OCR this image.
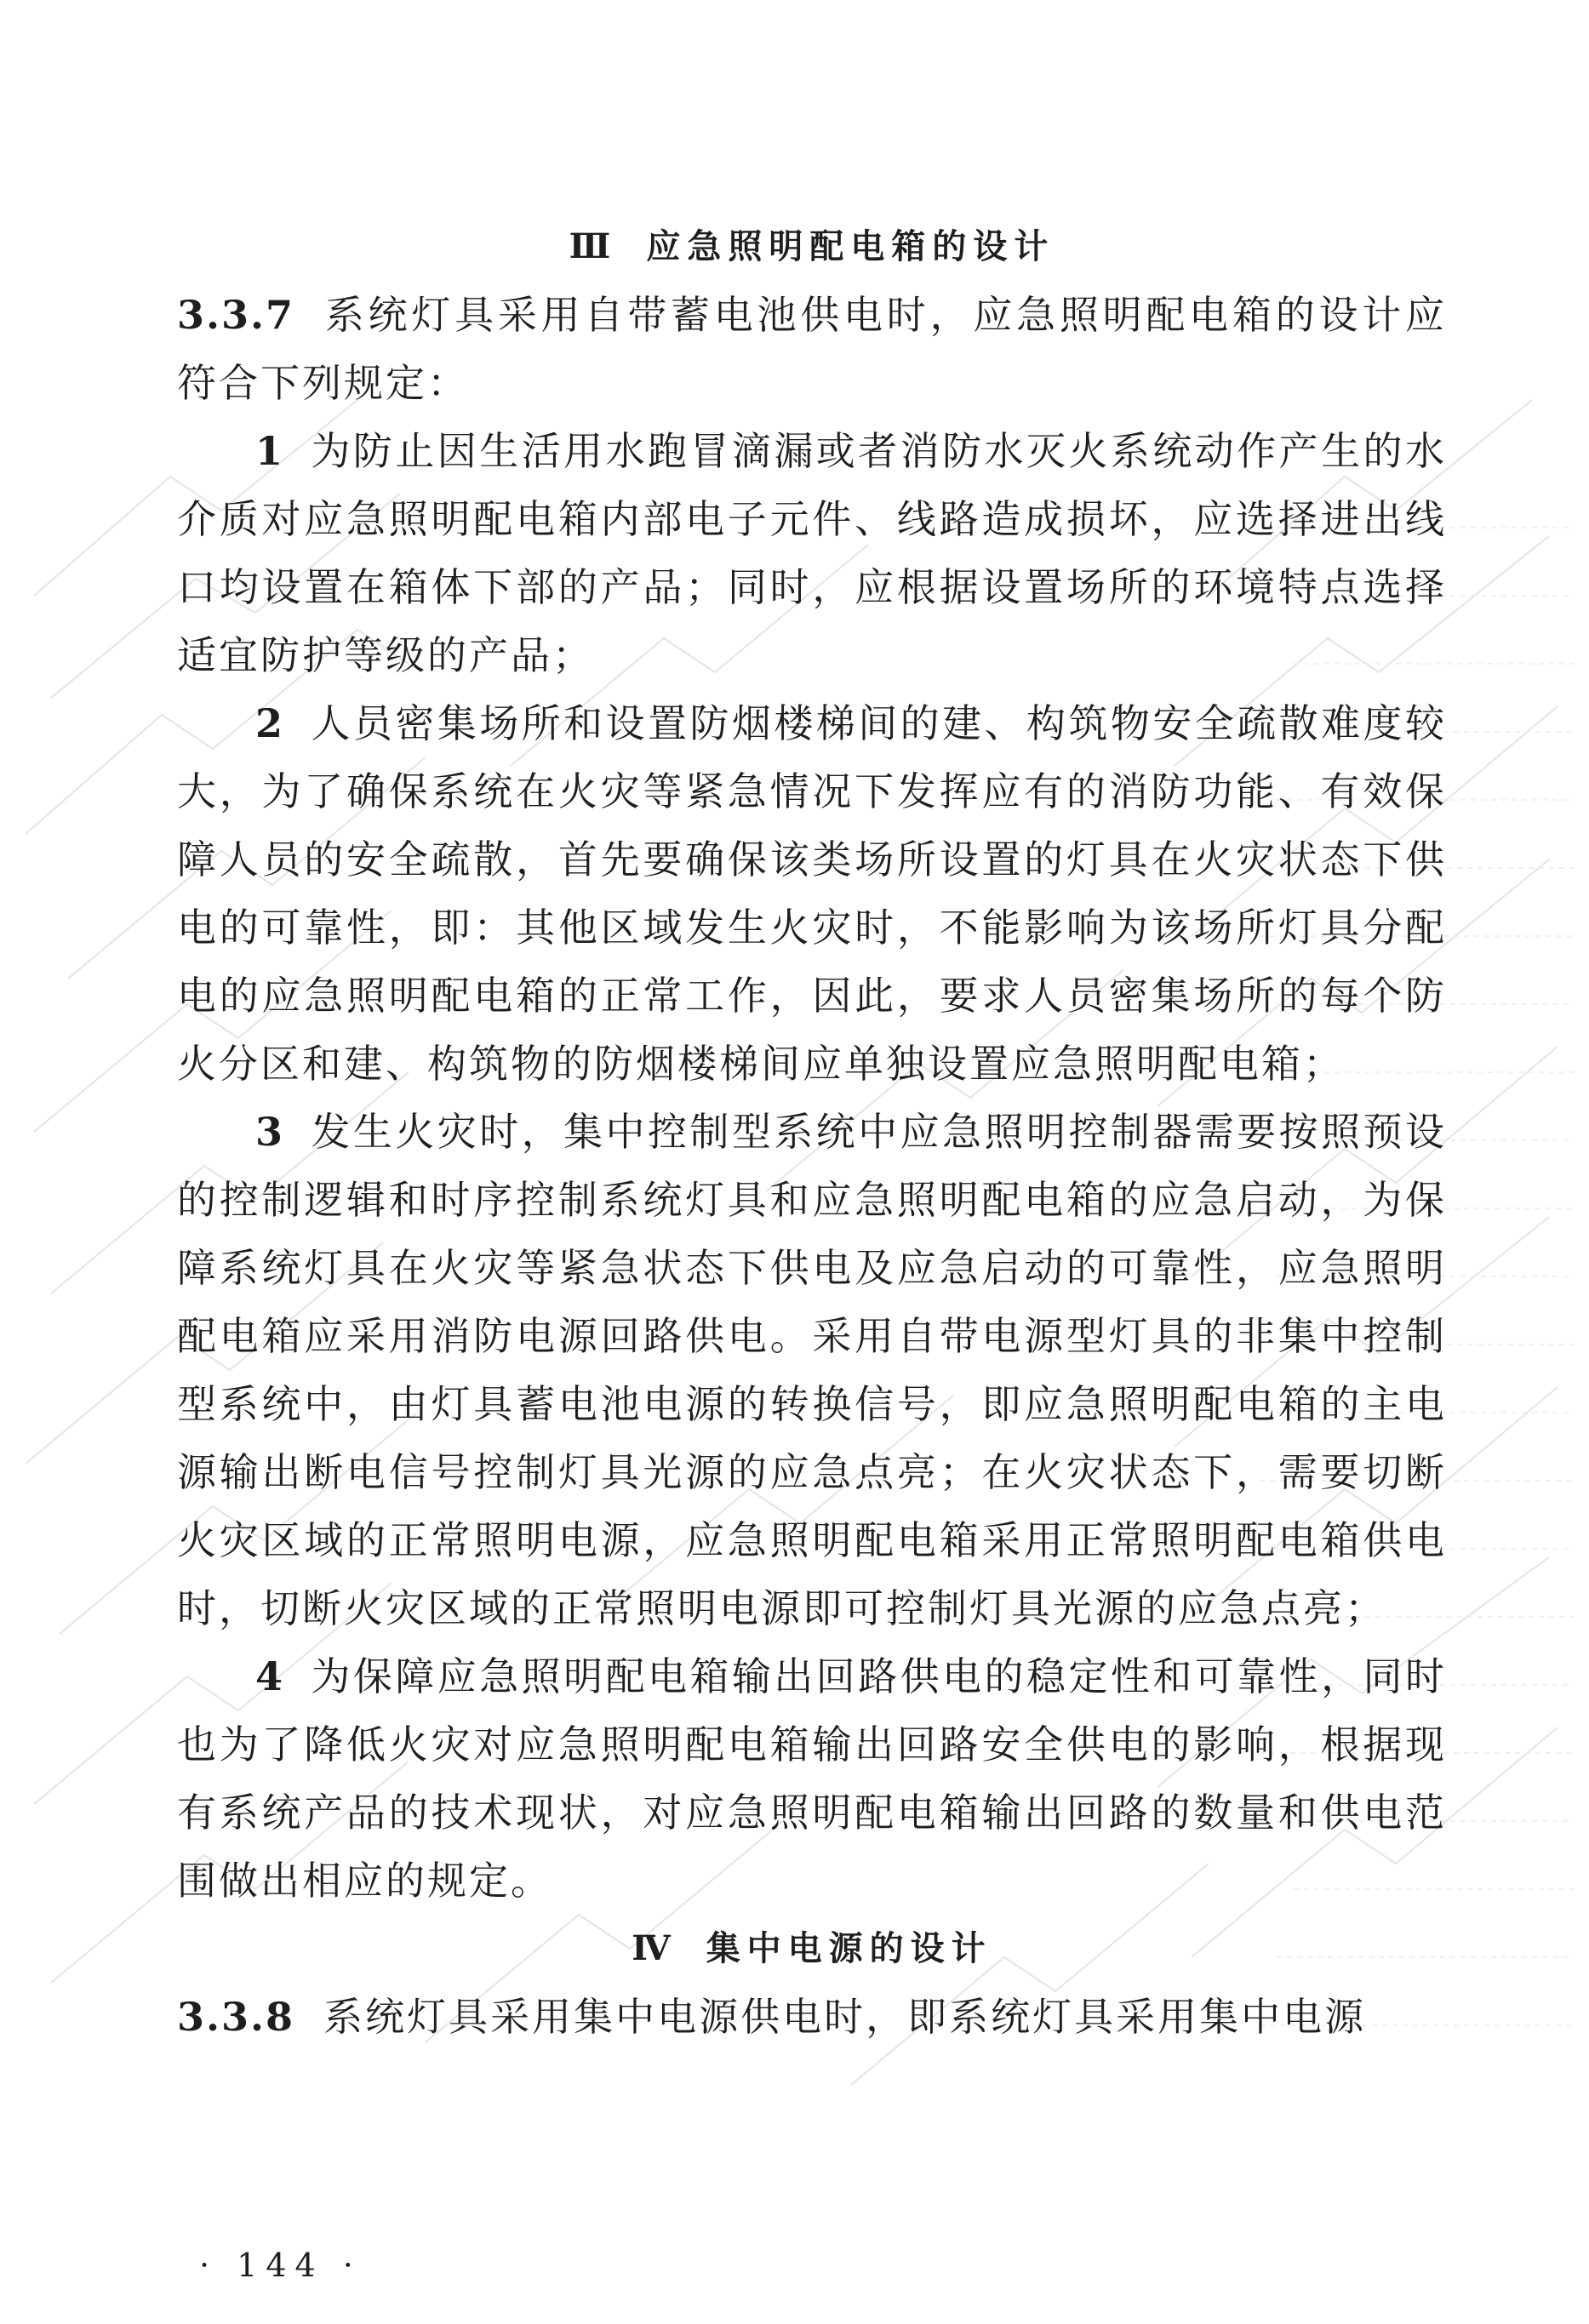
Ⅲ 应急照明配电箱的设计

3.3.7 系统灯具采用自带蓄电池供电时，应急照明配电箱的设计应符合下列规定：

1 为防止因生活用水跑冒滴漏或者消防水灭火系统动作产生的水介质对应急照明配电箱内部电子元件、线路造成损坏，应选择进出线口均设置在箱体下部的产品；同时，应根据设置场所的环境特点选择适宜防护等级的产品；

2 人员密集场所和设置防烟楼梯间的建、构筑物安全疏散难度较大，为了确保系统在火灾等紧急情况下发挥应有的消防功能、有效保障人员的安全疏散，首先要确保该类场所设置的灯具在火灾状态下供电的可靠性，即：其他区域发生火灾时，不能影响为该场所灯具分配电的应急照明配电箱的正常工作，因此，要求人员密集场所的每个防火分区和建、构筑物的防烟楼梯间应单独设置应急照明配电箱；

3 发生火灾时，集中控制型系统中应急照明控制器需要按照预设的控制逻辑和时序控制系统灯具和应急照明配电箱的应急启动，为保障系统灯具在火灾等紧急状态下供电及应急启动的可靠性，应急照明配电箱应采用消防电源回路供电。采用自带电源型灯具的非集中控制型系统中，由灯具蓄电池电源的转换信号，即应急照明配电箱的主电源输出断电信号控制灯具光源的应急点亮；在火灾状态下，需要切断火灾区域的正常照明电源，应急照明配电箱采用正常照明配电箱供电时，切断火灾区域的正常照明电源即可控制灯具光源的应急点亮；

4 为保障应急照明配电箱输出回路供电的稳定性和可靠性，同时也为了降低火灾对应急照明配电箱输出回路安全供电的影响，根据现有系统产品的技术现状，对应急照明配电箱输出回路的数量和供电范围做出相应的规定。

Ⅳ 集中电源的设计

3.3.8 系统灯具采用集中电源供电时，即系统灯具采用集中电源

· 144 ·
